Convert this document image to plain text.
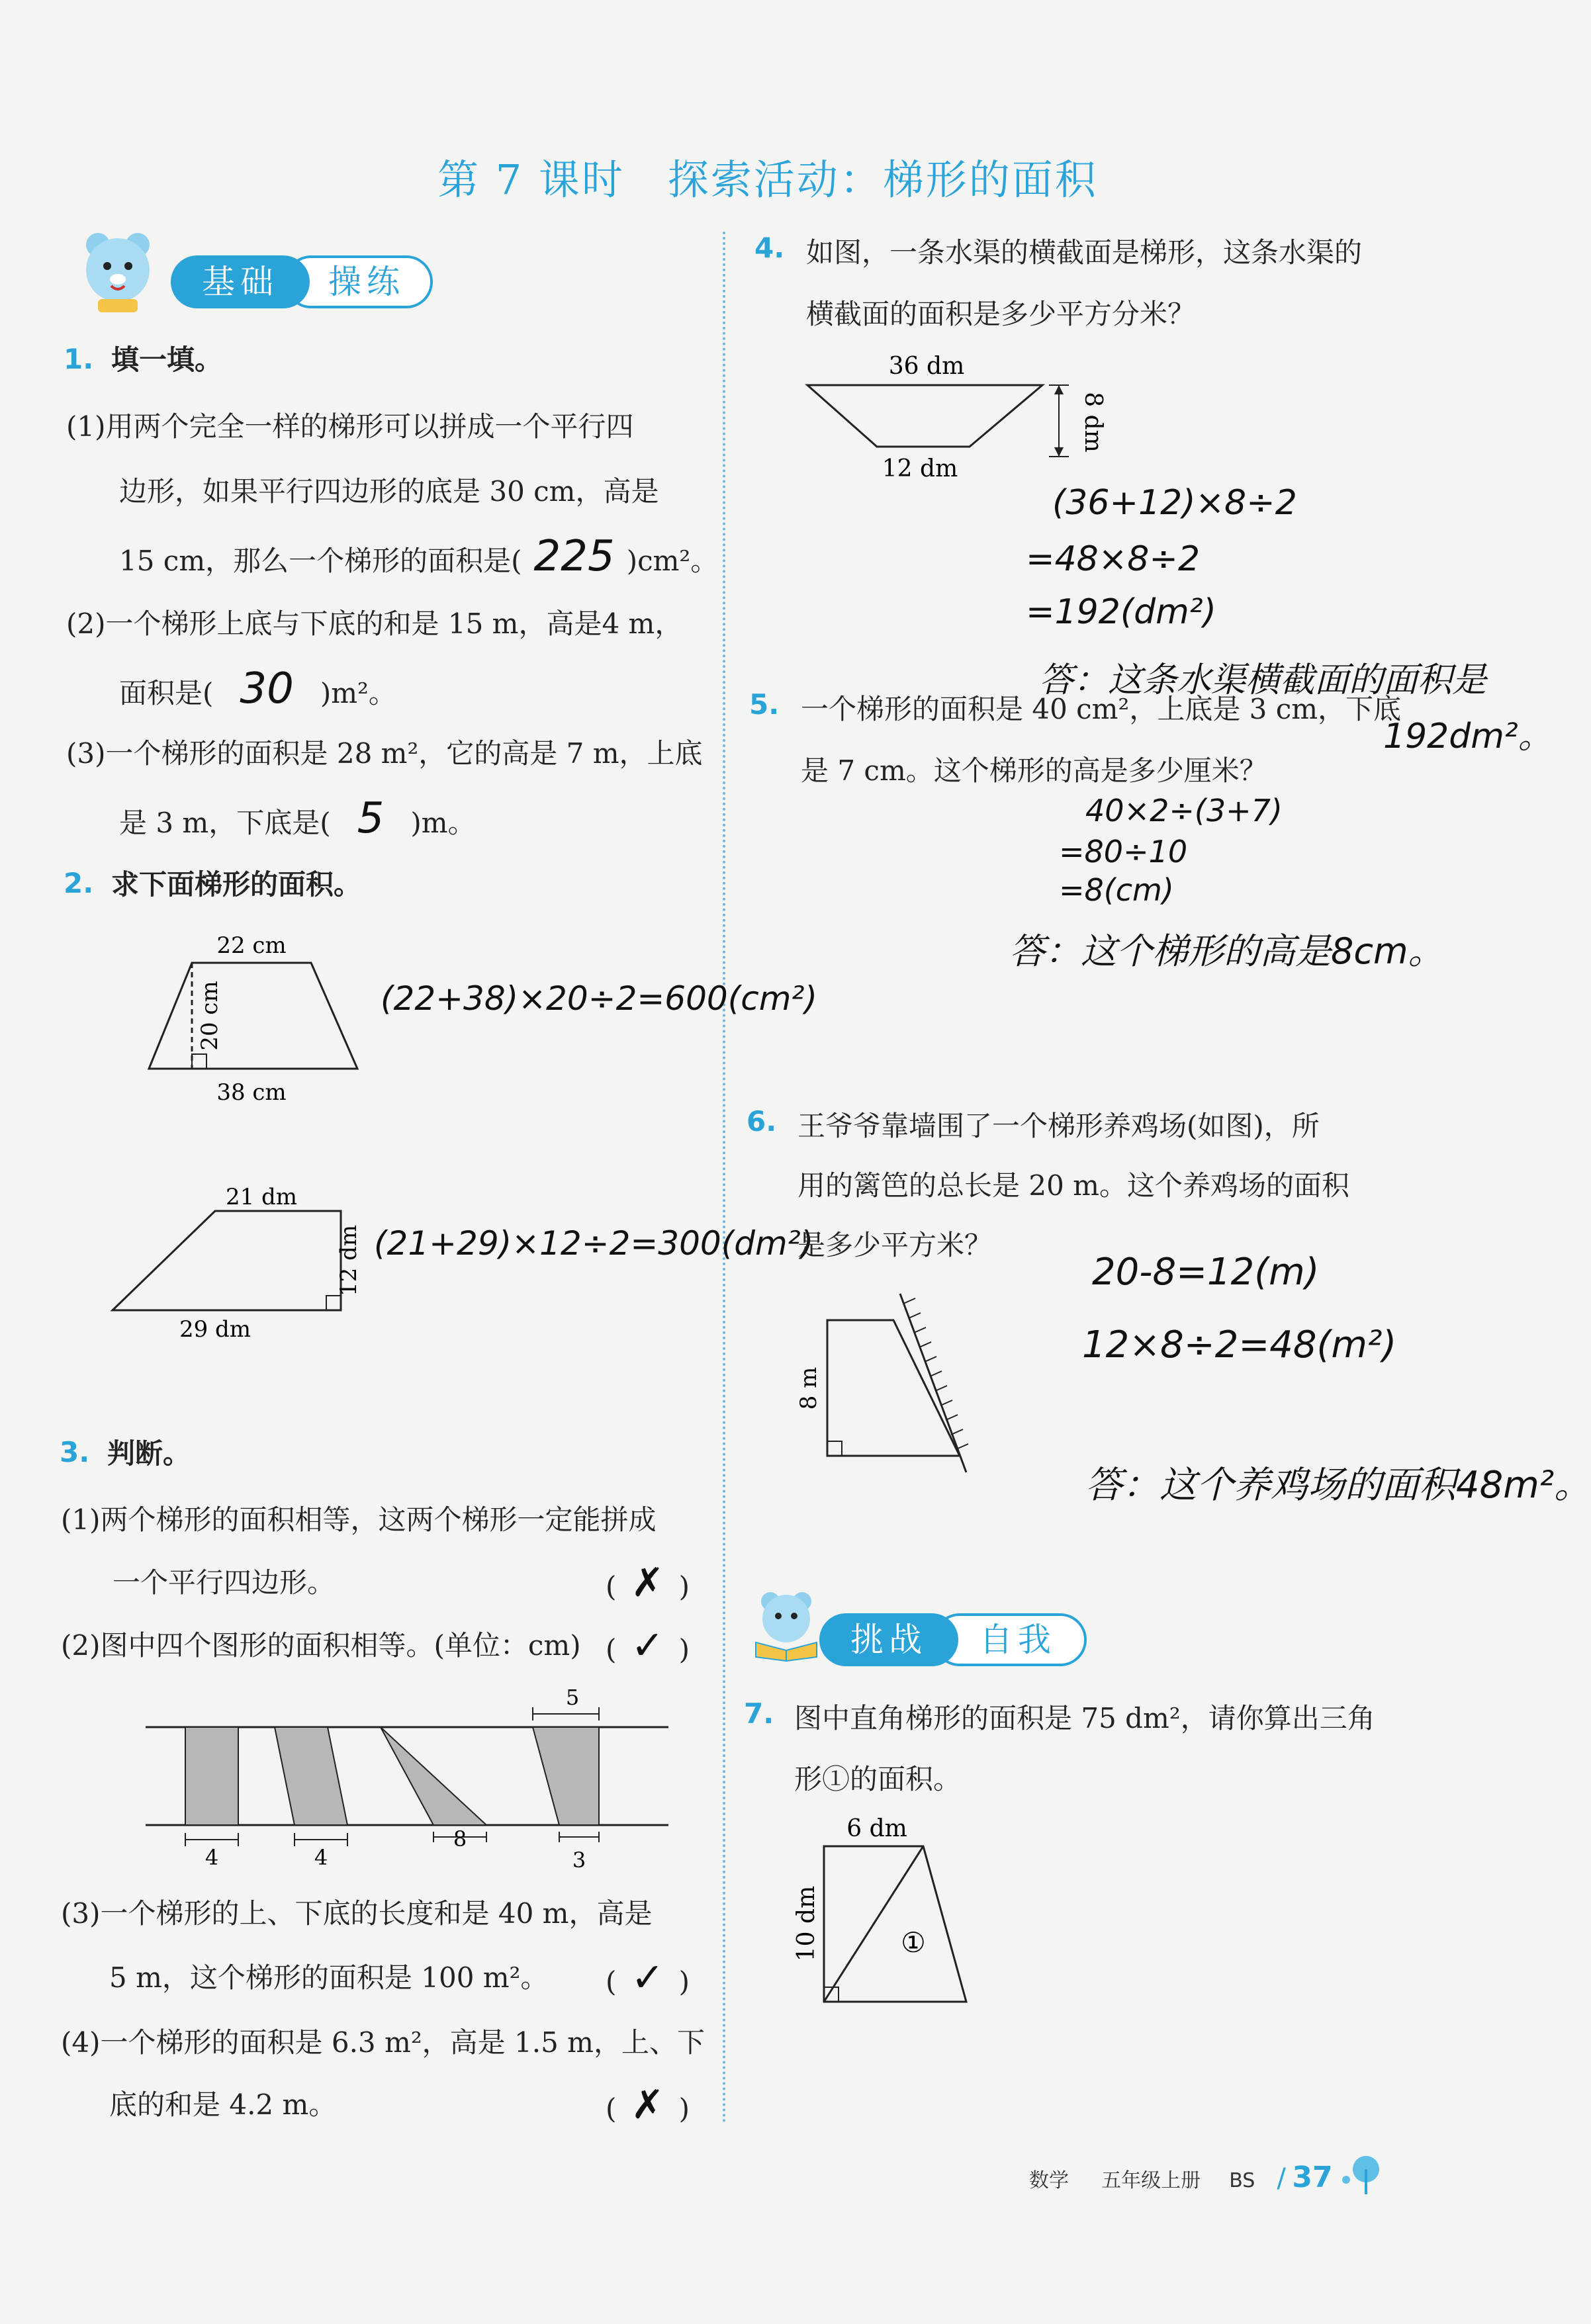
第 7 课时　探索活动：梯形的面积
基础	操练
1. 填一填。
(1)用两个完全一样的梯形可以拼成一个平行四
边形，如果平行四边形的底是 30 cm，高是
15 cm，那么一个梯形的面积是( 225 )cm²。
(2)一个梯形上底与下底的和是 15 m，高是4 m，
面积是( 30 )m²。
(3)一个梯形的面积是 28 m²，它的高是 7 m，上底
是 3 m，下底是( 5 )m。
2. 求下面梯形的面积。
22 cm
20 cm
38 cm
(22+38)×20÷2=600(cm²)
21 dm
12 dm
29 dm
(21+29)×12÷2=300(dm²)
3. 判断。
(1)两个梯形的面积相等，这两个梯形一定能拼成
一个平行四边形。	( ✗ )
(2)图中四个图形的面积相等。(单位：cm) ( ✓ )
4	4
8
3
5
(3)一个梯形的上、下底的长度和是 40 m，高是
5 m，这个梯形的面积是 100 m²。 ( ✓ )
(4)一个梯形的面积是 6.3 m²，高是 1.5 m，上、下
底的和是 4.2 m。	( ✗ )
4. 如图，一条水渠的横截面是梯形，这条水渠的
横截面的面积是多少平方分米？
36 dm
8 dm
12 dm
(36+12)×8÷2
=48×8÷2
=192(dm²)
答：这条水渠横截面的面积是
192dm²。
5. 一个梯形的面积是 40 cm²，上底是 3 cm，下底
是 7 cm。这个梯形的高是多少厘米？
40×2÷(3+7)
=80÷10
=8(cm)
答：这个梯形的高是8cm。
6. 王爷爷靠墙围了一个梯形养鸡场(如图)，所
用的篱笆的总长是 20 m。这个养鸡场的面积
是多少平方米？
8 m
20-8=12(m)
12×8÷2=48(m²)
答：这个养鸡场的面积48m²。
挑战	自我
7. 图中直角梯形的面积是 75 dm²，请你算出三角
形①的面积。
6 dm
10 dm	①
数学 五年级上册 BS / 37
